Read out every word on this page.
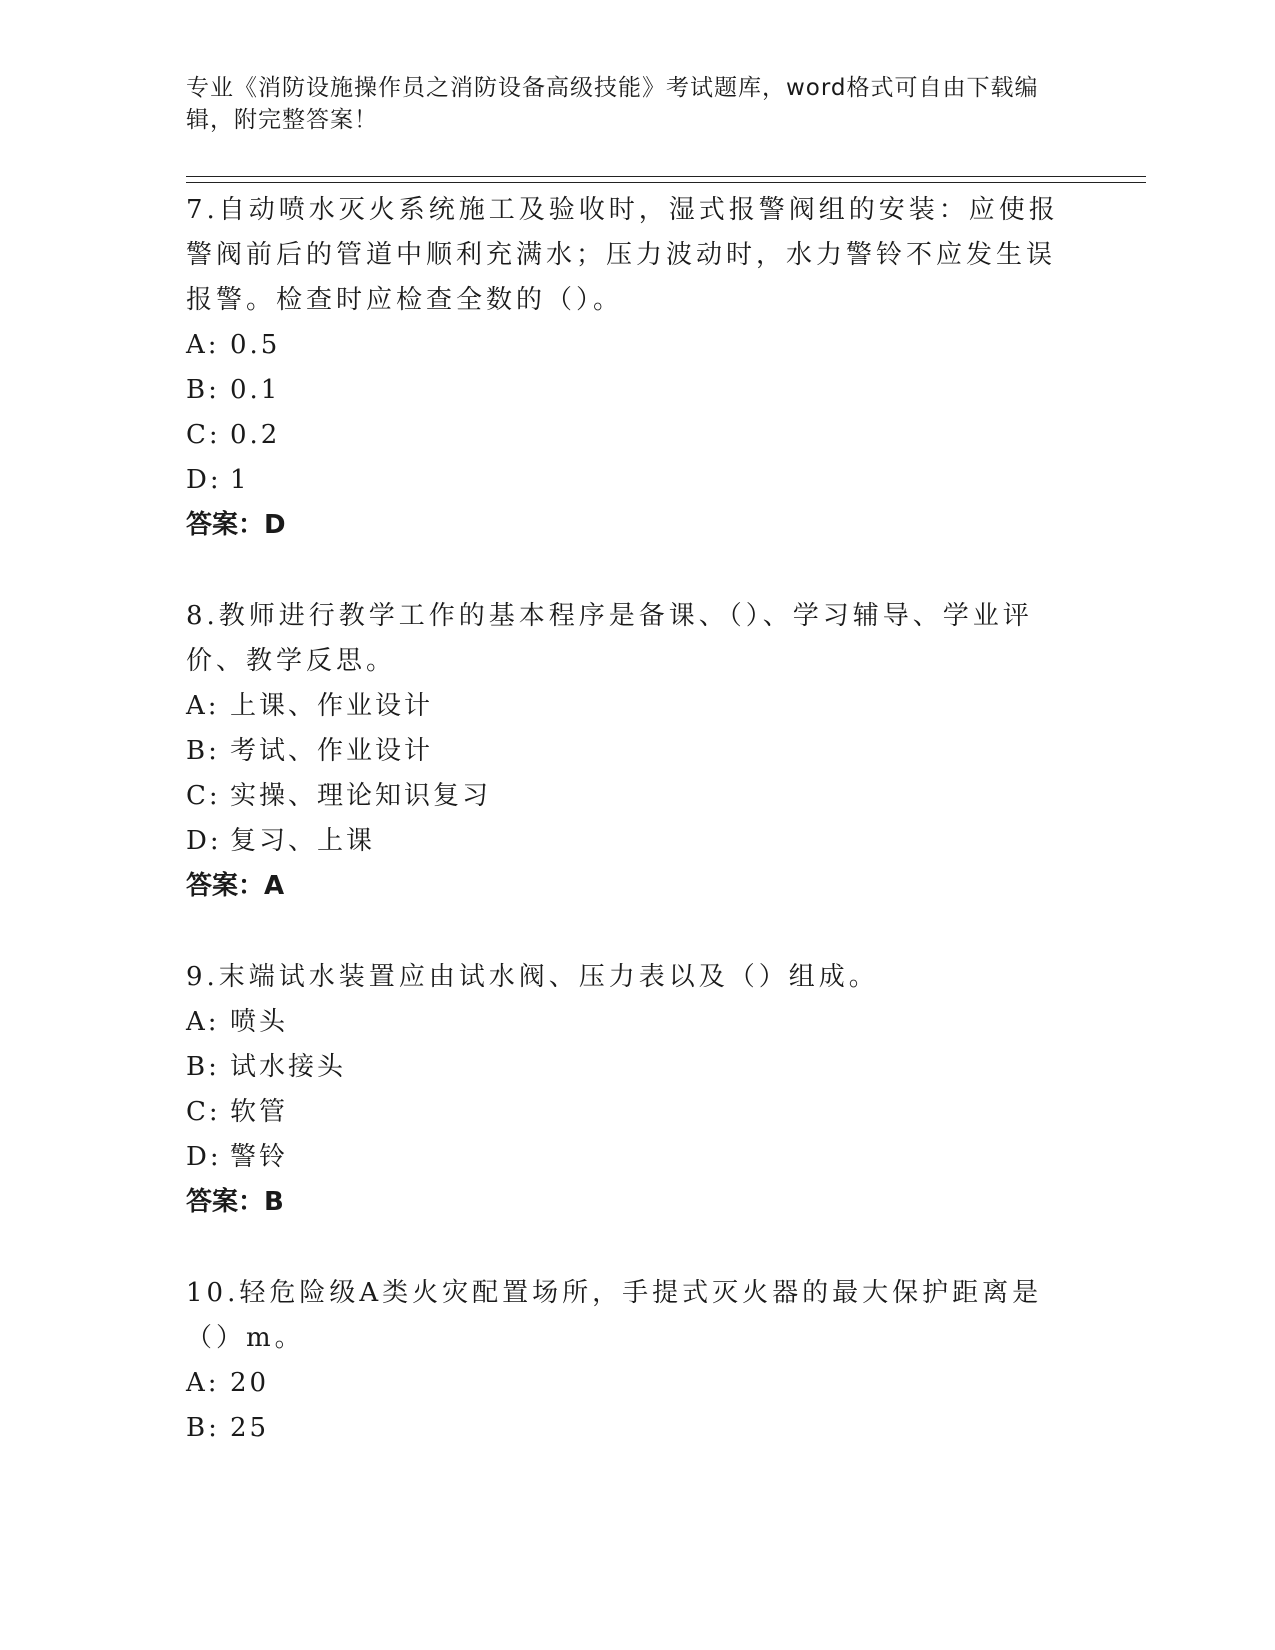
专业《消防设施操作员之消防设备高级技能》考试题库，word格式可自由下载编辑，附完整答案！

7.自动喷水灭火系统施工及验收时，湿式报警阀组的安装：应使报警阀前后的管道中顺利充满水；压力波动时，水力警铃不应发生误报警。检查时应检查全数的（）。

A: 0.5

B: 0.1

C: 0.2

D: 1

答案：D

8.教师进行教学工作的基本程序是备课、（）、学习辅导、学业评价、教学反思。

A: 上课、作业设计

B: 考试、作业设计

C: 实操、理论知识复习

D: 复习、上课

答案：A

9.末端试水装置应由试水阀、压力表以及（）组成。

A: 喷头

B: 试水接头

C: 软管

D: 警铃

答案：B

10.轻危险级A类火灾配置场所，手提式灭火器的最大保护距离是（）m。

A: 20

B: 25
